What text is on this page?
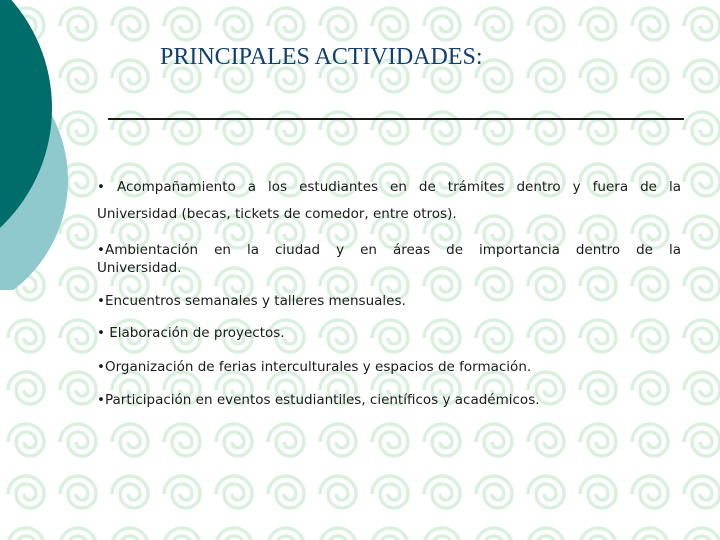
PRINCIPALES ACTIVIDADES:

• Acompañamiento a los estudiantes en de trámites dentro y fuera de la
Universidad (becas, tickets de comedor, entre otros).

•Ambientación en la ciudad y en áreas de importancia dentro de la
Universidad.

•Encuentros semanales y talleres mensuales.

• Elaboración de proyectos.

•Organización de ferias interculturales y espacios de formación.

•Participación en eventos estudiantiles, científicos y académicos.
